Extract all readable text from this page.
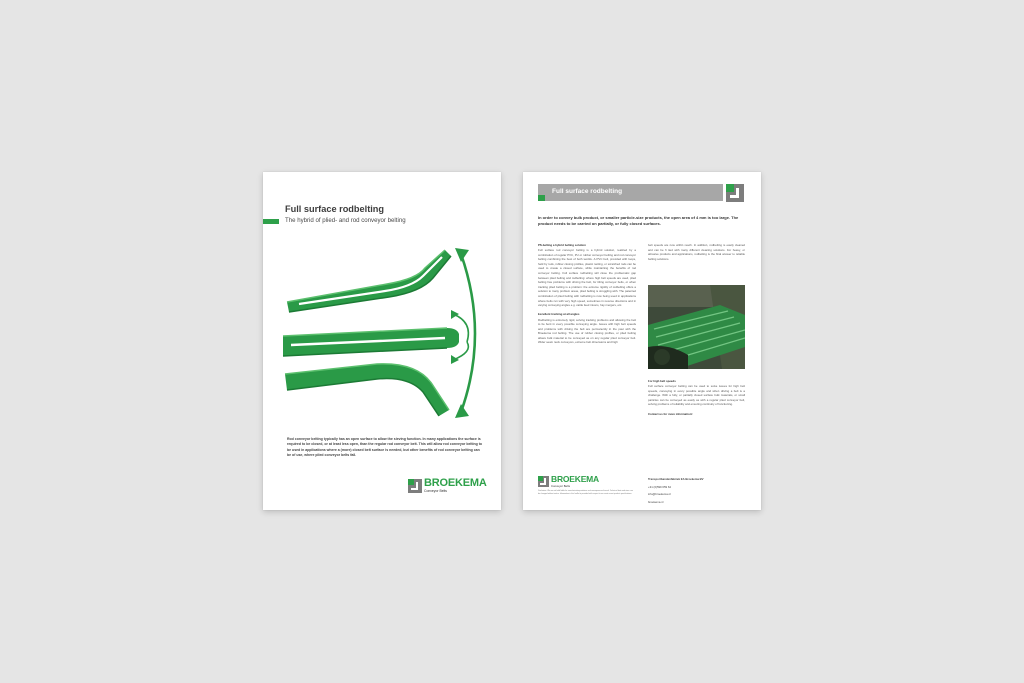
Full surface rodbelting
The hybrid of plied- and rod conveyor belting
Rod conveyor belting typically has an open surface to allow the sieving function. In many applications the surface is required to be closed, or at least less open, than the regular rod conveyor belt. This will allow rod conveyor belting to be used in applications where a (more) closed belt surface is needed, but other benefits of rod conveyor belting can be of use, where plied conveyor belts fail.
BROEKEMA
Conveyor Belts
Full surface rodbelting
In order to convey bulk product, or smaller particle-size products, the open area of 4 mm is too large. The product needs to be carried on partially, or fully closed surfaces.
PS-belting a hybrid belting solution

Full surface rod conveyor belting is a hybrid solution, realized by a combination of regular PVC, PU or rubber conveyor belting and rod conveyor belting combining the best of both worlds. A PVC belt, provided with loops, held by rods, rubber closing profiles, plastic netting, or scratched rods can be used to create a closed surface, while maintaining the benefits of rod conveyor belting. Full surface rodbelting will close the problematic gap between plied belting and rodbelting: where high belt speeds are used, plied belting has problems with driving the belt, for tilting conveyor belts, or when tracking plied belting is a problem: the extreme rigidity of rodbelting offers a solution to many problem areas, plied belting is struggling with. The patented combination of plied belting with rodbelting is now being used in applications where belts run with very high speed, sometimes in reverse directions and in varying conveying angles e.g. cattle feed mixers, hay mergers, etc.

Excellent tracking at all angles

Rodbelting is extremely rigid, solving tracking problems and allowing the belt to be bent in every possible conveying angle. Issues with high belt speeds and problems with driving the belt are permanently in the past with the Broekema rod belting. The use of rubber closing profiles, or plied belting allows bulk material to be conveyed as on any regular plied conveyor belt. Wider seam neck conveyors, extreme belt dimensions and high

belt speeds are now within reach. In addition, rodbelting is easily cleaned and can be fi tted with many different cleaning solutions. For heavy, or abrasive products and applications, rodbelting is the final answer to reliable belting solutions.

For high belt speeds

Full surface conveyor belting can be used to solve issues for high belt speeds, conveying in every possible angle and when driving a belt is a challenge. With a fully, or partially closed surface bulk materials, or small particles can be conveyed as easily as with a regular plied conveyor belt, solving problems of reliability and ensuring continuity of functioning.

Contact us for more information!
BROEKEMA
Conveyor Belts
Disclaimer: We are not held liable for errors/misinterpretations and consequences thereof. Technical data and sizes can be changed without notice. Information in this leaflet is provided with respect to our most recent product specifications.
Transportbandenfabriek EA Broekema BV
+31 (0)599 659 64
info@broekema.nl
broekema.nl
